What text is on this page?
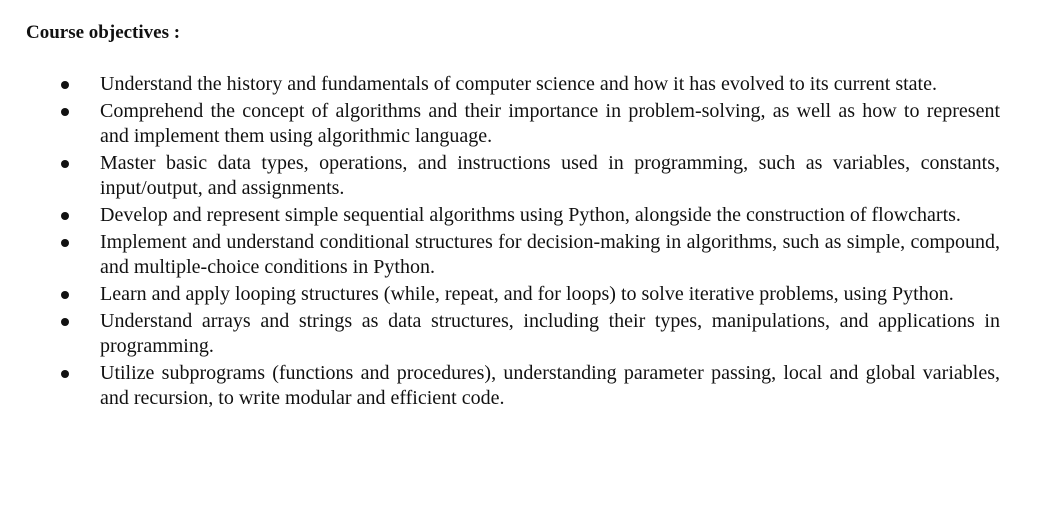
Course objectives :
Understand the history and fundamentals of computer science and how it has evolved to its current state.
Comprehend the concept of algorithms and their importance in problem-solving, as well as how to represent and implement them using algorithmic language.
Master basic data types, operations, and instructions used in programming, such as variables, constants, input/output, and assignments.
Develop and represent simple sequential algorithms using Python, alongside the construction of flowcharts.
Implement and understand conditional structures for decision-making in algorithms, such as simple, compound, and multiple-choice conditions in Python.
Learn and apply looping structures (while, repeat, and for loops) to solve iterative problems, using Python.
Understand arrays and strings as data structures, including their types, manipulations, and applications in programming.
Utilize subprograms (functions and procedures), understanding parameter passing, local and global variables, and recursion, to write modular and efficient code.
